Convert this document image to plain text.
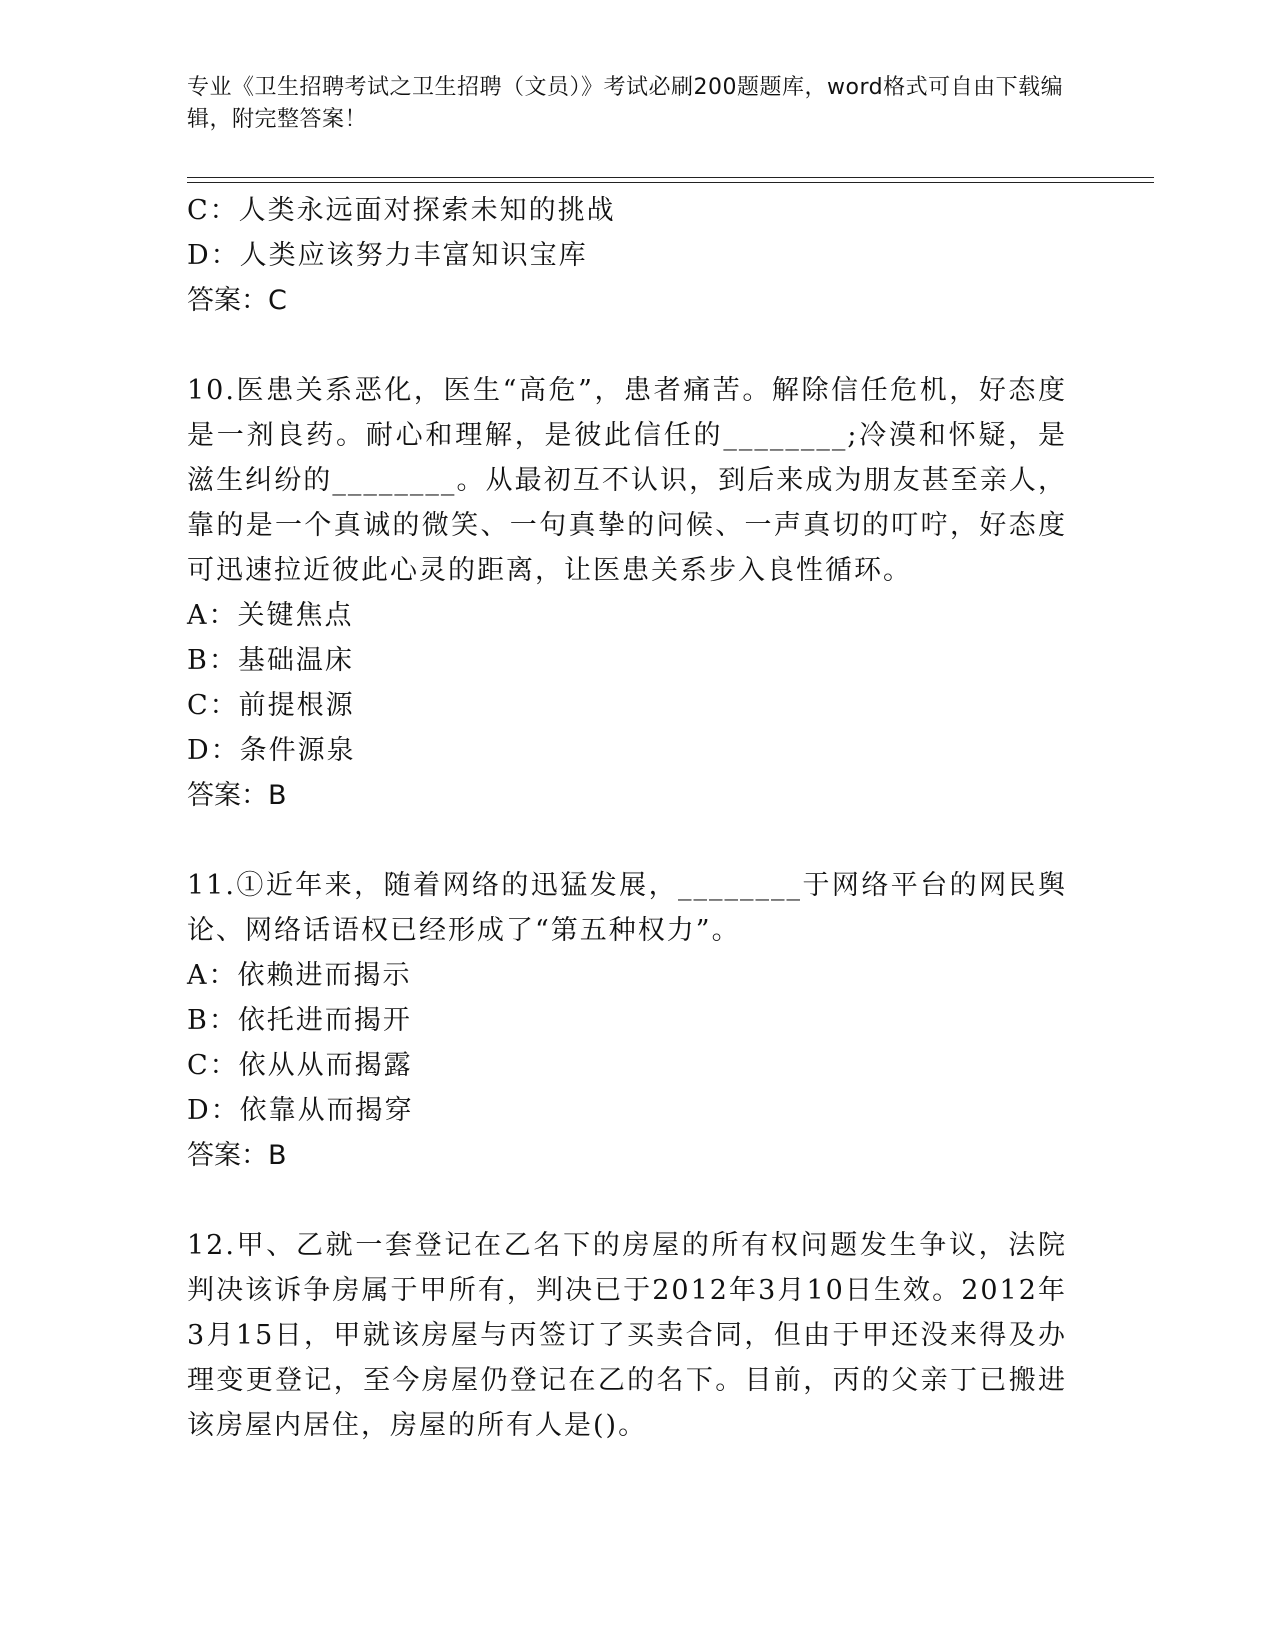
专业《卫生招聘考试之卫生招聘（文员）》考试必刷200题题库，word格式可自由下载编辑，附完整答案！
C：人类永远面对探索未知的挑战
D：人类应该努力丰富知识宝库
答案：C
10.医患关系恶化，医生“高危”，患者痛苦。解除信任危机，好态度是一剂良药。耐心和理解，是彼此信任的________;冷漠和怀疑，是滋生纠纷的________。从最初互不认识，到后来成为朋友甚至亲人，靠的是一个真诚的微笑、一句真挚的问候、一声真切的叮咛，好态度可迅速拉近彼此心灵的距离，让医患关系步入良性循环。
A：关键焦点
B：基础温床
C：前提根源
D：条件源泉
答案：B
11.①近年来，随着网络的迅猛发展，________于网络平台的网民舆论、网络话语权已经形成了“第五种权力”。
A：依赖进而揭示
B：依托进而揭开
C：依从从而揭露
D：依靠从而揭穿
答案：B
12.甲、乙就一套登记在乙名下的房屋的所有权问题发生争议，法院判决该诉争房属于甲所有，判决已于2012年3月10日生效。2012年3月15日，甲就该房屋与丙签订了买卖合同，但由于甲还没来得及办理变更登记，至今房屋仍登记在乙的名下。目前，丙的父亲丁已搬进该房屋内居住，房屋的所有人是()。
